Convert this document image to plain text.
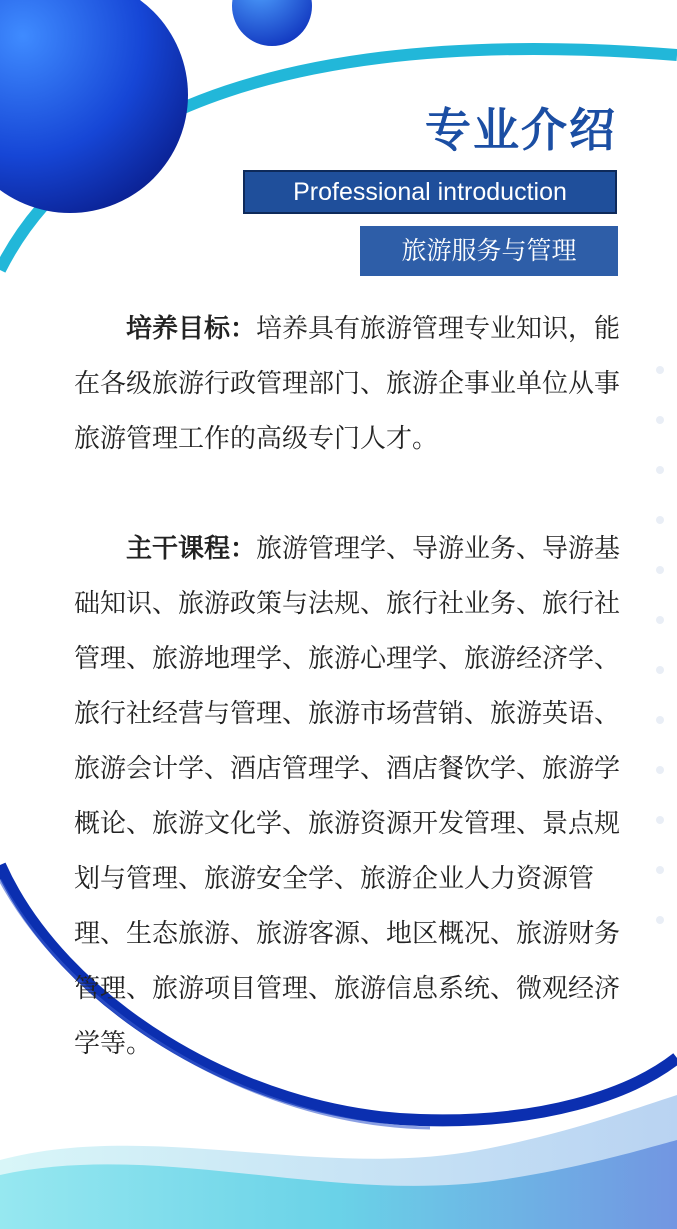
专业介绍
Professional introduction
旅游服务与管理

培养目标：培养具有旅游管理专业知识，能在各级旅游行政管理部门、旅游企事业单位从事旅游管理工作的高级专门人才。

主干课程：旅游管理学、导游业务、导游基础知识、旅游政策与法规、旅行社业务、旅行社管理、旅游地理学、旅游心理学、旅游经济学、旅行社经营与管理、旅游市场营销、旅游英语、旅游会计学、酒店管理学、酒店餐饮学、旅游学概论、旅游文化学、旅游资源开发管理、景点规划与管理、旅游安全学、旅游企业人力资源管理、生态旅游、旅游客源、地区概况、旅游财务管理、旅游项目管理、旅游信息系统、微观经济学等。
